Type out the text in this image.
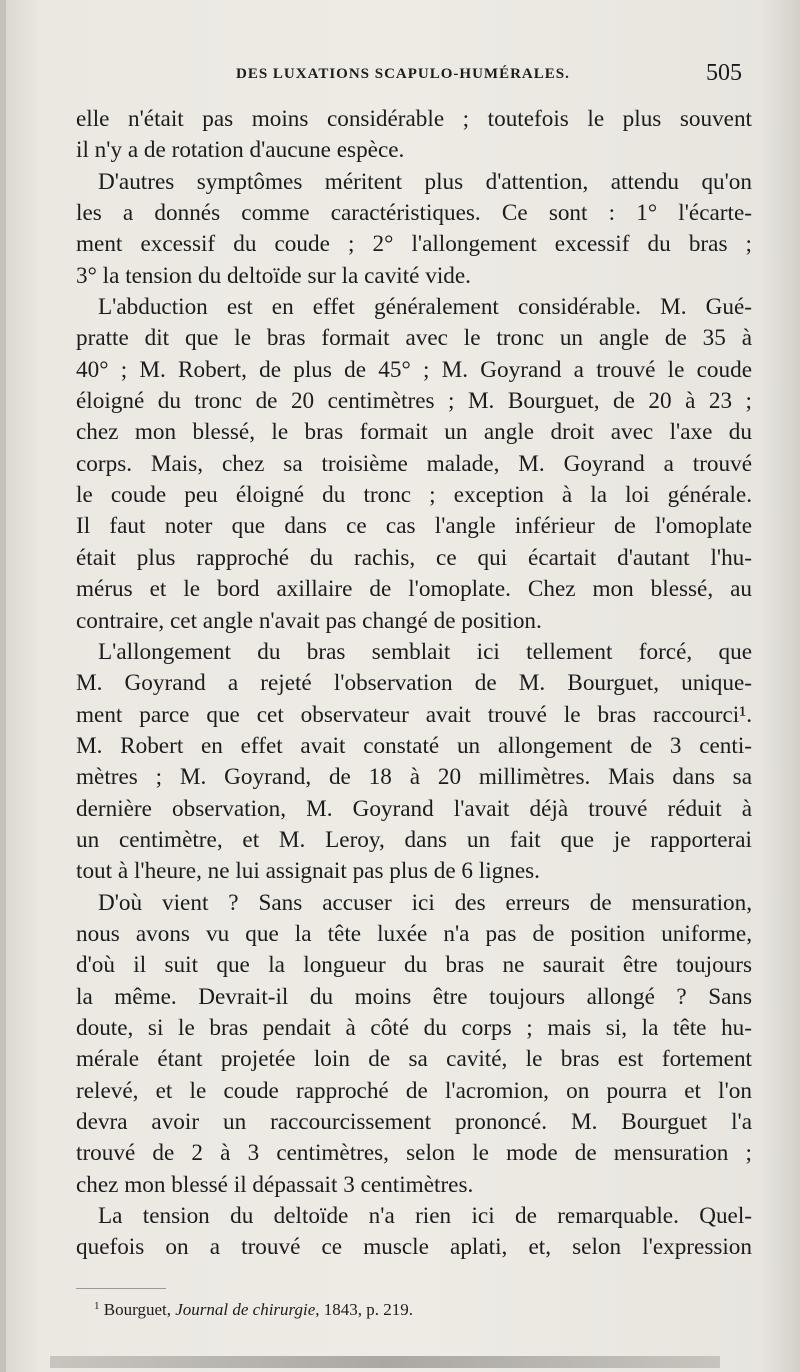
DES LUXATIONS SCAPULO-HUMÉRALES.	505

elle n'était pas moins considérable ; toutefois le plus souvent
il n'y a de rotation d'aucune espèce.

D'autres symptômes méritent plus d'attention, attendu qu'on
les a donnés comme caractéristiques. Ce sont : 1° l'écarte-
ment excessif du coude ; 2° l'allongement excessif du bras ;
3° la tension du deltoïde sur la cavité vide.

L'abduction est en effet généralement considérable. M. Gué-
pratte dit que le bras formait avec le tronc un angle de 35 à
40° ; M. Robert, de plus de 45° ; M. Goyrand a trouvé le coude
éloigné du tronc de 20 centimètres ; M. Bourguet, de 20 à 23 ;
chez mon blessé, le bras formait un angle droit avec l'axe du
corps. Mais, chez sa troisième malade, M. Goyrand a trouvé
le coude peu éloigné du tronc ; exception à la loi générale.
Il faut noter que dans ce cas l'angle inférieur de l'omoplate
était plus rapproché du rachis, ce qui écartait d'autant l'hu-
mérus et le bord axillaire de l'omoplate. Chez mon blessé, au
contraire, cet angle n'avait pas changé de position.

L'allongement du bras semblait ici tellement forcé, que
M. Goyrand a rejeté l'observation de M. Bourguet, unique-
ment parce que cet observateur avait trouvé le bras raccourci¹.
M. Robert en effet avait constaté un allongement de 3 centi-
mètres ; M. Goyrand, de 18 à 20 millimètres. Mais dans sa
dernière observation, M. Goyrand l'avait déjà trouvé réduit à
un centimètre, et M. Leroy, dans un fait que je rapporterai
tout à l'heure, ne lui assignait pas plus de 6 lignes.

D'où vient ? Sans accuser ici des erreurs de mensuration,
nous avons vu que la tête luxée n'a pas de position uniforme,
d'où il suit que la longueur du bras ne saurait être toujours
la même. Devrait-il du moins être toujours allongé ? Sans
doute, si le bras pendait à côté du corps ; mais si, la tête hu-
mérale étant projetée loin de sa cavité, le bras est fortement
relevé, et le coude rapproché de l'acromion, on pourra et l'on
devra avoir un raccourcissement prononcé. M. Bourguet l'a
trouvé de 2 à 3 centimètres, selon le mode de mensuration ;
chez mon blessé il dépassait 3 centimètres.

La tension du deltoïde n'a rien ici de remarquable. Quel-
quefois on a trouvé ce muscle aplati, et, selon l'expression

$^1$ Bourguet, Journal de chirurgie, 1843, p. 219.
